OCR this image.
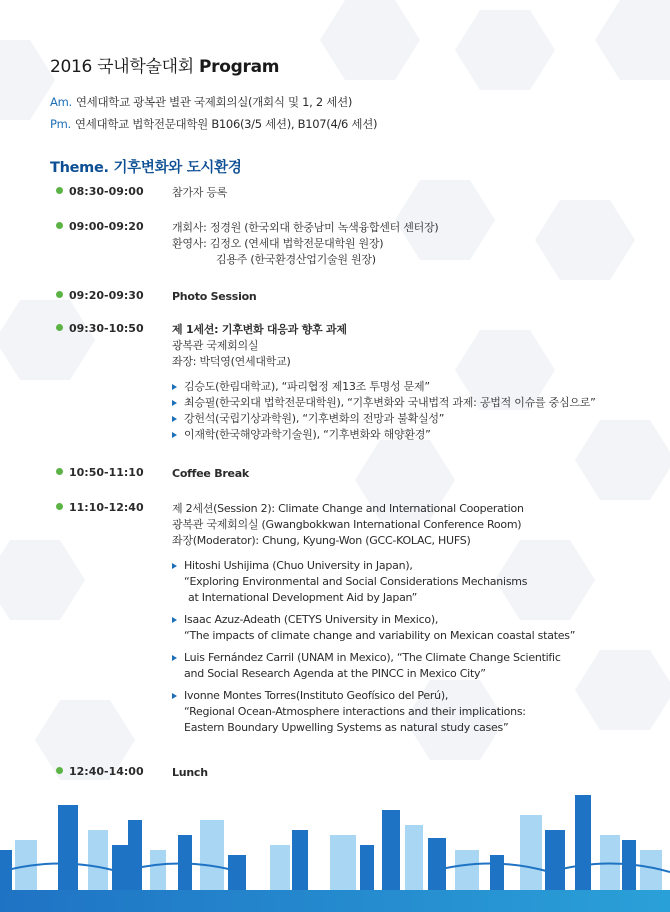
2016 국내학술대회 Program
Am. 연세대학교 광복관 별관 국제회의실(개회식 및 1, 2 세션)
Pm. 연세대학교 법학전문대학원 B106(3/5 세션), B107(4/6 세션)
Theme. 기후변화와 도시환경
08:30-09:00	참가자 등록
09:00-09:20	개회사: 정경원 (한국외대 한중남미 녹색융합센터 센터장)
환영사: 김정오 (연세대 법학전문대학원 원장)
김용주 (한국환경산업기술원 원장)
09:20-09:30	Photo Session
09:30-10:50	제 1세션: 기후변화 대응과 향후 과제
광복관 국제회의실
좌장: 박덕영(연세대학교)
김승도(한림대학교), “파리협정 제13조 투명성 문제”
최승필(한국외대 법학전문대학원), “기후변화와 국내법적 과제: 공법적 이슈를 중심으로”
강헌석(국립기상과학원), “기후변화의 전망과 불확실성”
이재학(한국해양과학기술원), “기후변화와 해양환경”
10:50-11:10	Coffee Break
11:10-12:40	제 2세션(Session 2): Climate Change and International Cooperation
광복관 국제회의실 (Gwangbokkwan International Conference Room)
좌장(Moderator): Chung, Kyung-Won (GCC-KOLAC, HUFS)
Hitoshi Ushijima (Chuo University in Japan),
“Exploring Environmental and Social Considerations Mechanisms
at International Development Aid by Japan”
Isaac Azuz-Adeath (CETYS University in Mexico),
“The impacts of climate change and variability on Mexican coastal states”
Luis Fernández Carril (UNAM in Mexico), “The Climate Change Scientific
and Social Research Agenda at the PINCC in Mexico City”
Ivonne Montes Torres(Instituto Geofísico del Perú),
“Regional Ocean-Atmosphere interactions and their implications:
Eastern Boundary Upwelling Systems as natural study cases”
12:40-14:00	Lunch
